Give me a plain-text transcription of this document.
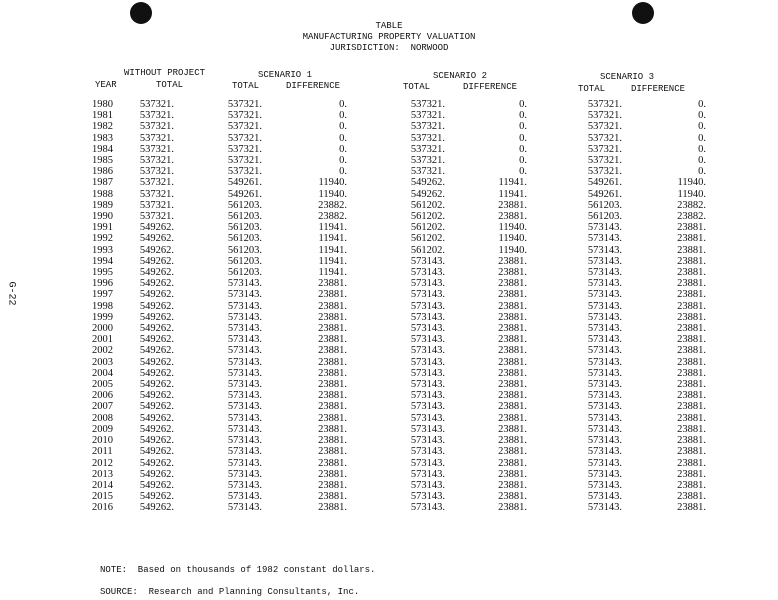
G-22
TABLE
MANUFACTURING PROPERTY VALUATION
JURISDICTION:  NORWOOD
WITHOUT PROJECT
TOTAL
YEAR
SCENARIO 1
TOTAL	DIFFERENCE
SCENARIO 2
TOTAL	DIFFERENCE
SCENARIO 3
TOTAL	DIFFERENCE
1980	537321.	537321.	0.	537321.	0.	537321.	0.
1981	537321.	537321.	0.	537321.	0.	537321.	0.
1982	537321.	537321.	0.	537321.	0.	537321.	0.
1983	537321.	537321.	0.	537321.	0.	537321.	0.
1984	537321.	537321.	0.	537321.	0.	537321.	0.
1985	537321.	537321.	0.	537321.	0.	537321.	0.
1986	537321.	537321.	0.	537321.	0.	537321.	0.
1987	537321.	549261.	11940.	549262.	11941.	549261.	11940.
1988	537321.	549261.	11940.	549262.	11941.	549261.	11940.
1989	537321.	561203.	23882.	561202.	23881.	561203.	23882.
1990	537321.	561203.	23882.	561202.	23881.	561203.	23882.
1991	549262.	561203.	11941.	561202.	11940.	573143.	23881.
1992	549262.	561203.	11941.	561202.	11940.	573143.	23881.
1993	549262.	561203.	11941.	561202.	11940.	573143.	23881.
1994	549262.	561203.	11941.	573143.	23881.	573143.	23881.
1995	549262.	561203.	11941.	573143.	23881.	573143.	23881.
1996	549262.	573143.	23881.	573143.	23881.	573143.	23881.
1997	549262.	573143.	23881.	573143.	23881.	573143.	23881.
1998	549262.	573143.	23881.	573143.	23881.	573143.	23881.
1999	549262.	573143.	23881.	573143.	23881.	573143.	23881.
2000	549262.	573143.	23881.	573143.	23881.	573143.	23881.
2001	549262.	573143.	23881.	573143.	23881.	573143.	23881.
2002	549262.	573143.	23881.	573143.	23881.	573143.	23881.
2003	549262.	573143.	23881.	573143.	23881.	573143.	23881.
2004	549262.	573143.	23881.	573143.	23881.	573143.	23881.
2005	549262.	573143.	23881.	573143.	23881.	573143.	23881.
2006	549262.	573143.	23881.	573143.	23881.	573143.	23881.
2007	549262.	573143.	23881.	573143.	23881.	573143.	23881.
2008	549262.	573143.	23881.	573143.	23881.	573143.	23881.
2009	549262.	573143.	23881.	573143.	23881.	573143.	23881.
2010	549262.	573143.	23881.	573143.	23881.	573143.	23881.
2011	549262.	573143.	23881.	573143.	23881.	573143.	23881.
2012	549262.	573143.	23881.	573143.	23881.	573143.	23881.
2013	549262.	573143.	23881.	573143.	23881.	573143.	23881.
2014	549262.	573143.	23881.	573143.	23881.	573143.	23881.
2015	549262.	573143.	23881.	573143.	23881.	573143.	23881.
2016	549262.	573143.	23881.	573143.	23881.	573143.	23881.
NOTE:  Based on thousands of 1982 constant dollars.
SOURCE:  Research and Planning Consultants, Inc.
